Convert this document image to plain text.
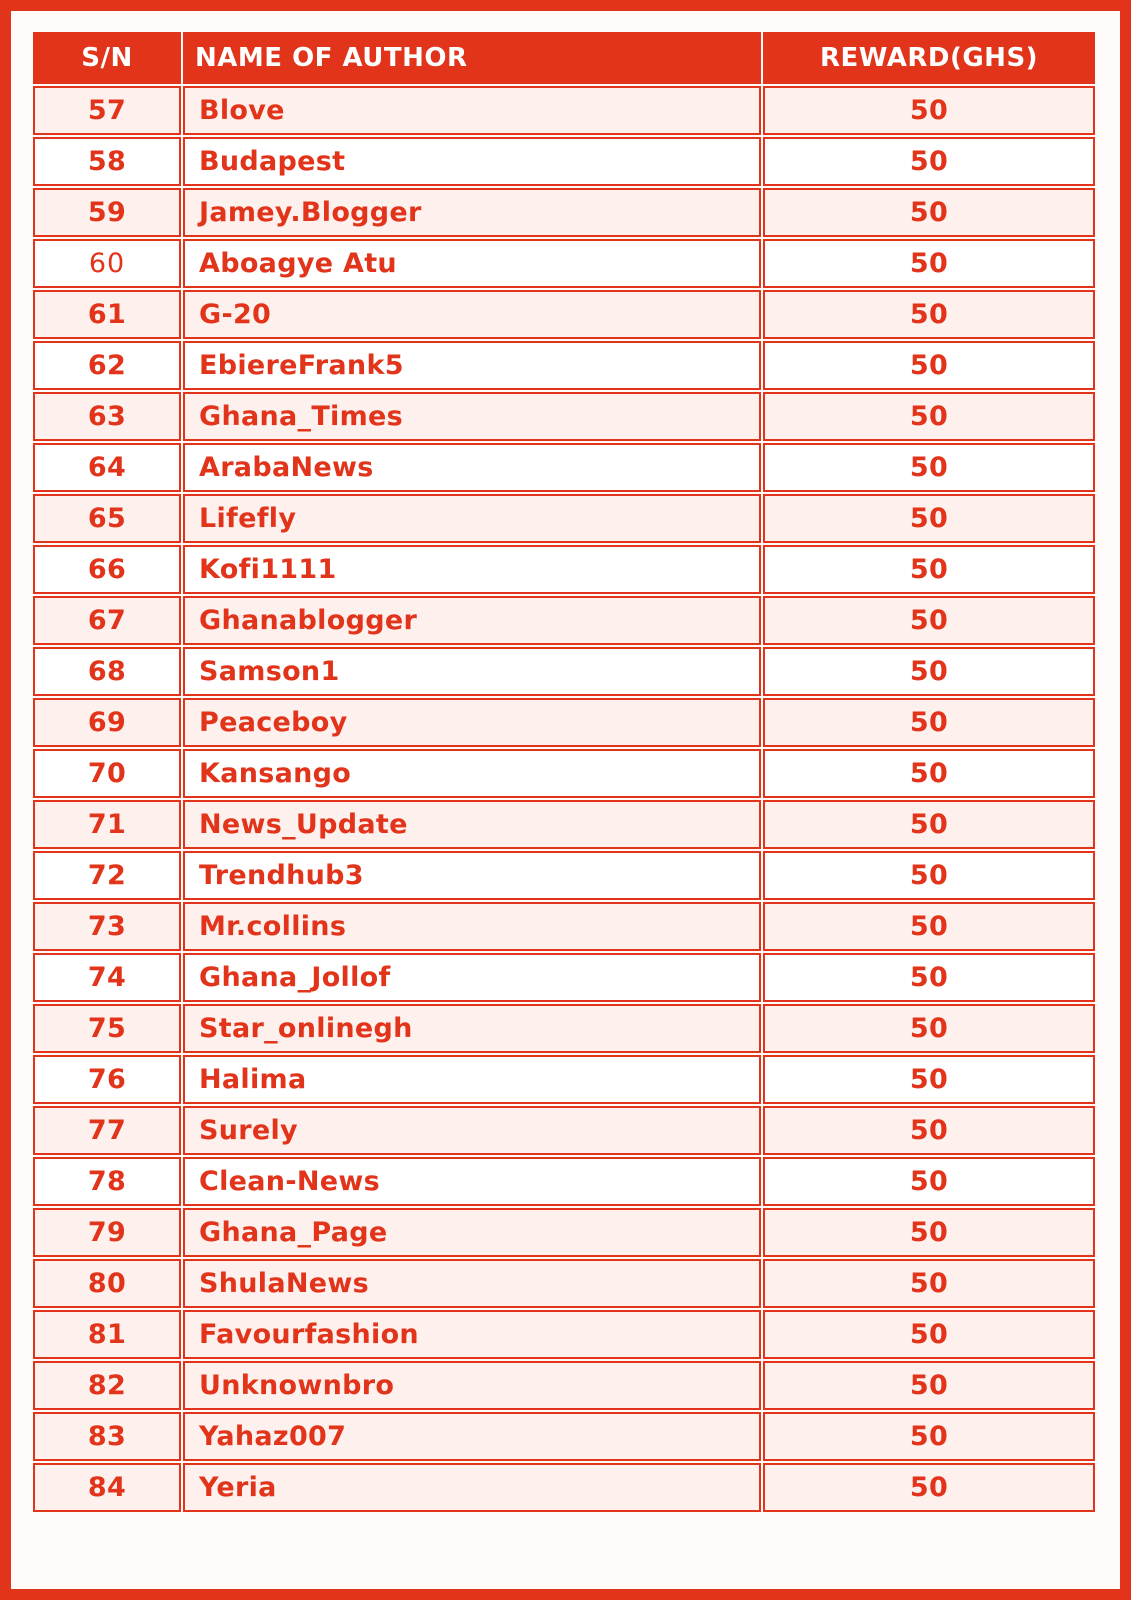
S/N	NAME OF AUTHOR	REWARD(GHS)
57	Blove	50
58	Budapest	50
59	Jamey.Blogger	50
60	Aboagye Atu	50
61	G-20	50
62	EbiereFrank5	50
63	Ghana_Times	50
64	ArabaNews	50
65	Lifefly	50
66	Kofi1111	50
67	Ghanablogger	50
68	Samson1	50
69	Peaceboy	50
70	Kansango	50
71	News_Update	50
72	Trendhub3	50
73	Mr.collins	50
74	Ghana_Jollof	50
75	Star_onlinegh	50
76	Halima	50
77	Surely	50
78	Clean-News	50
79	Ghana_Page	50
80	ShulaNews	50
81	Favourfashion	50
82	Unknownbro	50
83	Yahaz007	50
84	Yeria	50
